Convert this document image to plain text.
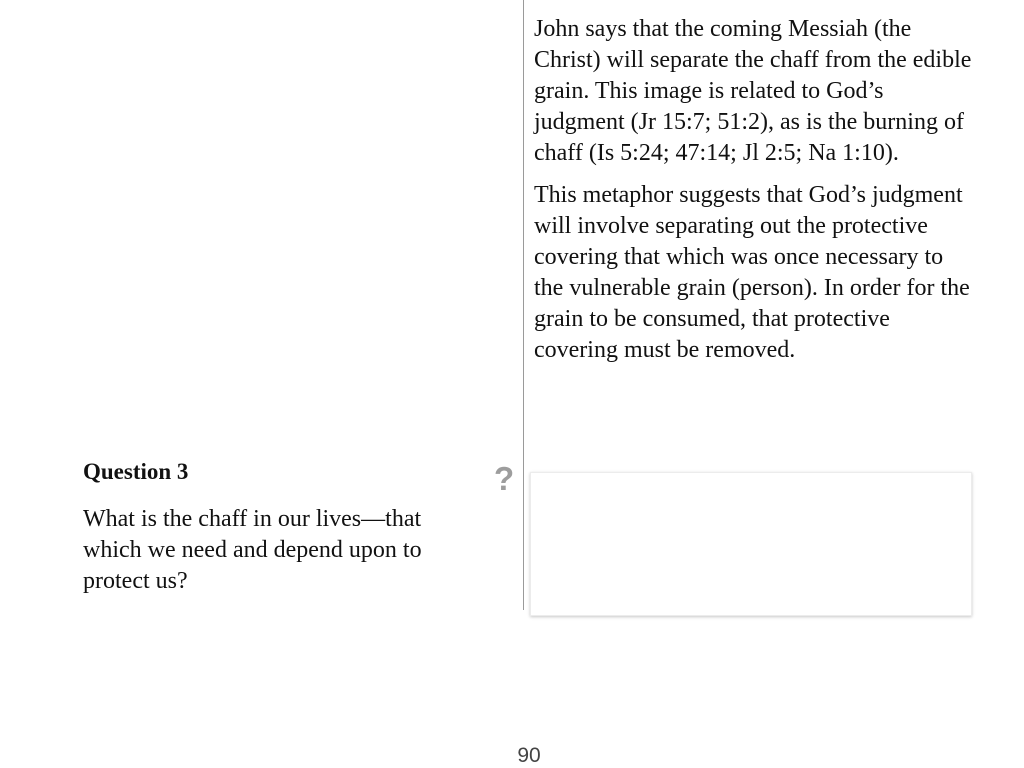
John says that the coming Messiah (the Christ) will separate the chaff from the edible grain. This image is related to God’s judgment (Jr 15:7; 51:2), as is the burning of chaff (Is 5:24; 47:14; Jl 2:5; Na 1:10).

This metaphor suggests that God’s judgment will involve separating out the protective covering that which was once necessary to the vulnerable grain (person). In order for the grain to be consumed, that protective covering must be removed.

Question 3

What is the chaff in our lives—that which we need and depend upon to protect us?

?
90
